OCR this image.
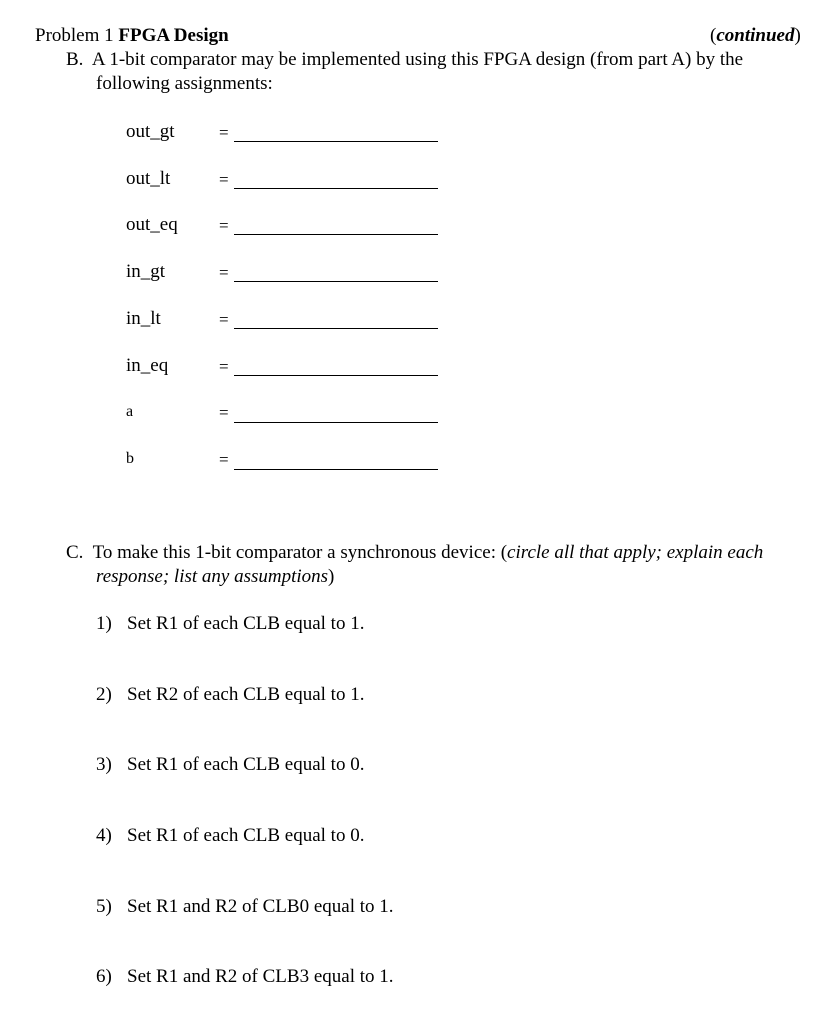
Problem 1 FPGA Design	(continued)
B. A 1-bit comparator may be implemented using this FPGA design (from part A) by the
following assignments:
out_gt	=
out_lt	=
out_eq =
in_gt	=
in_lt	=
in_eq	=
a	=
b	=
C. To make this 1-bit comparator a synchronous device: (circle all that apply; explain each
response; list any assumptions)
1) Set R1 of each CLB equal to 1.
2) Set R2 of each CLB equal to 1.
3) Set R1 of each CLB equal to 0.
4) Set R1 of each CLB equal to 0.
5) Set R1 and R2 of CLB0 equal to 1.
6) Set R1 and R2 of CLB3 equal to 1.
